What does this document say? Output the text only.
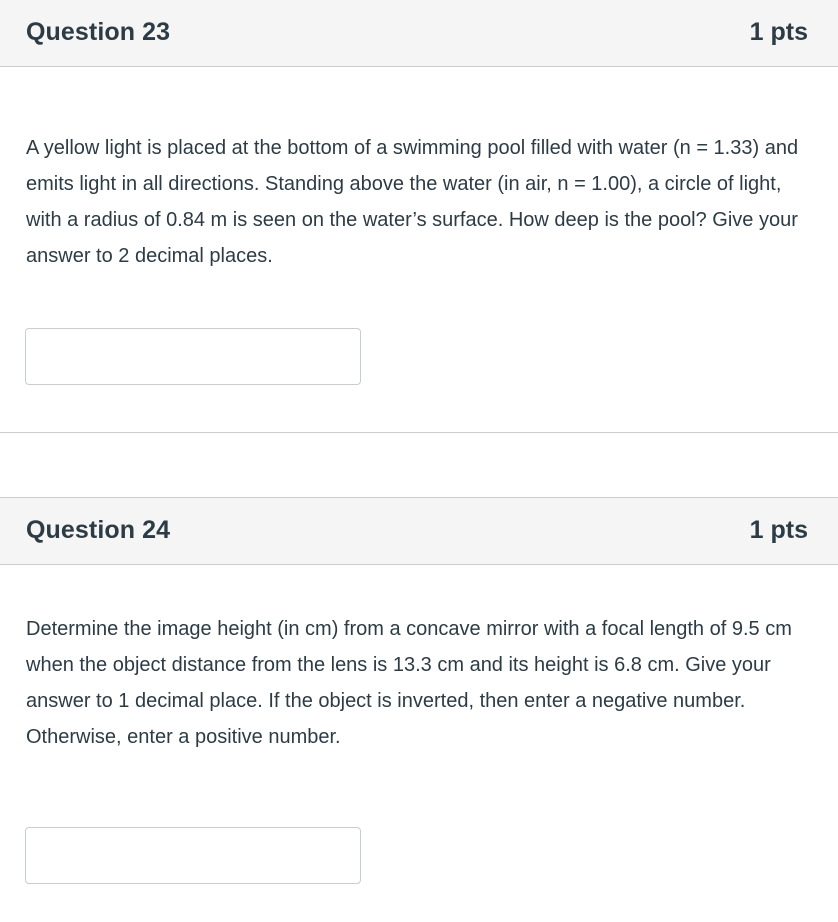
Question 23	1 pts
A yellow light is placed at the bottom of a swimming pool filled with water (n = 1.33) and emits light in all directions. Standing above the water (in air, n = 1.00), a circle of light, with a radius of 0.84 m is seen on the water’s surface. How deep is the pool? Give your answer to 2 decimal places.
Question 24	1 pts
Determine the image height (in cm) from a concave mirror with a focal length of 9.5 cm when the object distance from the lens is 13.3 cm and its height is 6.8 cm. Give your answer to 1 decimal place. If the object is inverted, then enter a negative number. Otherwise, enter a positive number.
